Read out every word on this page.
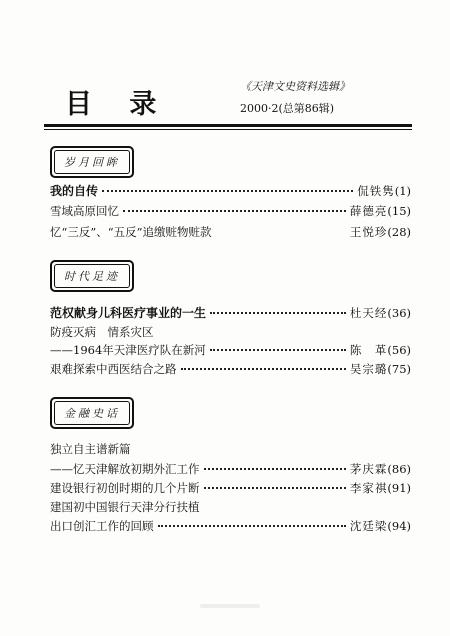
目 录
《天津文史资料选辑》
2000·2(总第86辑)
岁月回眸
我的自传	侃铁隽 (1)
雪域高原回忆	薛德亮 (15)
忆“三反”、“五反”追缴赃物赃款	王悦珍 (28)
时代足迹
范权献身儿科医疗事业的一生	杜天经 (36)
防疫灭病　情系灾区
——1964年天津医疗队在新河	陈　革 (56)
艰难探索中西医结合之路	吴宗璐 (75)
金融史话
独立自主谱新篇
——忆天津解放初期外汇工作	茅庆霖 (86)
建设银行初创时期的几个片断	李家祺 (91)
建国初中国银行天津分行扶植
出口创汇工作的回顾	沈廷梁 (94)
